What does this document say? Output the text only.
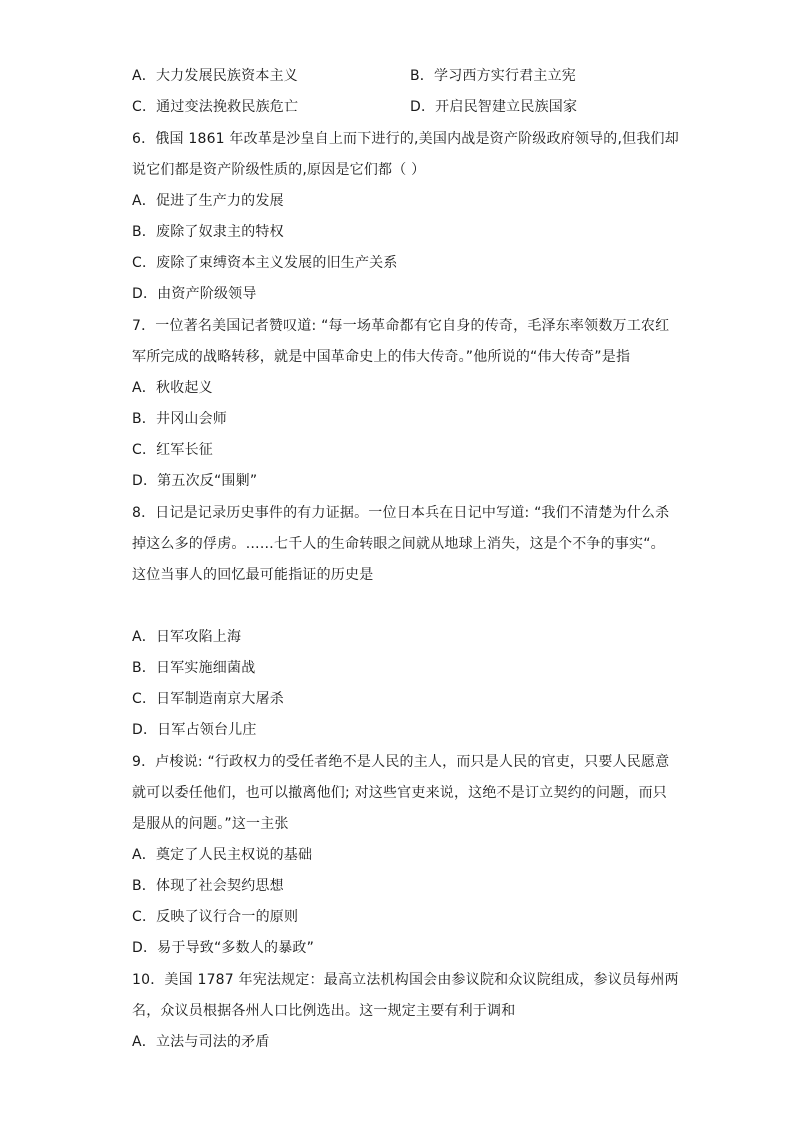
A．大力发展民族资本主义	B．学习西方实行君主立宪
C．通过变法挽救民族危亡	D．开启民智建立民族国家
6．俄国 1861 年改革是沙皇自上而下进行的,美国内战是资产阶级政府领导的,但我们却
说它们都是资产阶级性质的,原因是它们都（ ）
A．促进了生产力的发展
B．废除了奴隶主的特权
C．废除了束缚资本主义发展的旧生产关系
D．由资产阶级领导
7．一位著名美国记者赞叹道: “每一场革命都有它自身的传奇，毛泽东率领数万工农红
军所完成的战略转移，就是中国革命史上的伟大传奇。”他所说的“伟大传奇”是指
A．秋收起义
B．井冈山会师
C．红军长征
D．第五次反“围剿”
8．日记是记录历史事件的有力证据。一位日本兵在日记中写道: “我们不清楚为什么杀
掉这么多的俘虏。……七千人的生命转眼之间就从地球上消失，这是个不争的事实“。
这位当事人的回忆最可能指证的历史是
A．日军攻陷上海
B．日军实施细菌战
C．日军制造南京大屠杀
D．日军占领台儿庄
9．卢梭说: “行政权力的受任者绝不是人民的主人，而只是人民的官吏，只要人民愿意
就可以委任他们，也可以撤离他们; 对这些官吏来说，这绝不是订立契约的问题，而只
是服从的问题。”这一主张
A．奠定了人民主权说的基础
B．体现了社会契约思想
C．反映了议行合一的原则
D．易于导致“多数人的暴政”
10．美国 1787 年宪法规定：最高立法机构国会由参议院和众议院组成，参议员每州两
名，众议员根据各州人口比例选出。这一规定主要有利于调和
A．立法与司法的矛盾
